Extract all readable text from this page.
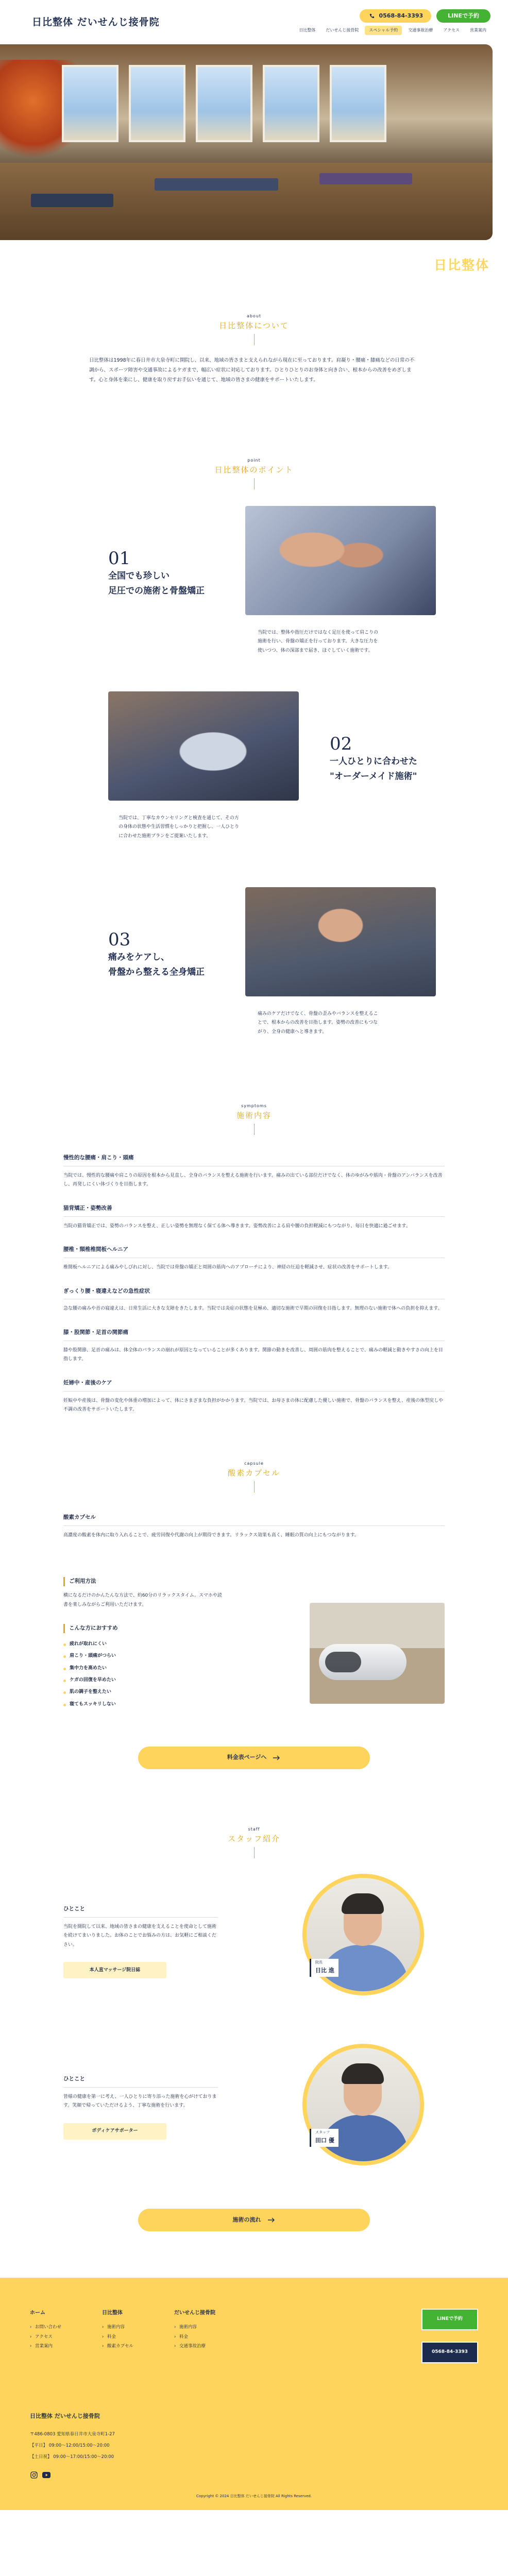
日比整体 だいせんじ接骨院
0568-84-3393	LINEで予約
日比整体	だいせんじ接骨院	スペシャル予約	交通事故治療	アクセス	営業案内
日比整体
about
日比整体について

日比整体は1998年に春日井市大泉寺町に開院し、以来、地域の皆さまと支えられながら現在に至っております。肩凝り・腰痛・膝痛などの日常の不調から、スポーツ障害や交通事故によるケガまで、幅広い症状に対応しております。ひとりひとりのお身体と向き合い、根本からの改善をめざします。心と身体を楽にし、健康を取り戻すお手伝いを通じて、地域の皆さまの健康をサポートいたします。

point
日比整体のポイント
01
全国でも珍しい
足圧での施術と骨盤矯正
当院では、整体や指圧だけではなく足圧を使って肩こりの施術を行い、骨盤の矯正を行っております。大きな圧力を使いつつ、体の深部まで届き、ほぐしていく施術です。
02
一人ひとりに合わせた
"オーダーメイド施術"
当院では、丁寧なカウンセリングと検査を通じて、その方の身体の状態や生活習慣をしっかりと把握し、一人ひとりに合わせた施術プランをご提案いたします。
03
痛みをケアし、
骨盤から整える全身矯正
痛みのケアだけでなく、骨盤の歪みやバランスを整えることで、根本からの改善を目指します。姿勢の改善にもつながり、全身の健康へと導きます。
symptoms
施術内容
慢性的な腰痛・肩こり・頭痛

当院では、慢性的な腰痛や肩こりの原因を根本から見直し、全身のバランスを整える施術を行います。痛みの出ている部位だけでなく、体のゆがみや筋肉・骨盤のアンバランスを改善し、再発しにくい体づくりを目指します。

猫背矯正・姿勢改善

当院の猫背矯正では、姿勢のバランスを整え、正しい姿勢を無理なく保てる体へ導きます。姿勢改善による肩や腰の負担軽減にもつながり、毎日を快適に過ごせます。

腰椎・頸椎椎間板ヘルニア

椎間板ヘルニアによる痛みやしびれに対し、当院では骨盤の矯正と周囲の筋肉へのアプローチにより、神経の圧迫を軽減させ、症状の改善をサポートします。

ぎっくり腰・寝違えなどの急性症状

急な腰の痛みや首の寝違えは、日常生活に大きな支障をきたします。当院では炎症の状態を見極め、適切な施術で早期の回復を目指します。無理のない施術で体への負担を抑えます。

膝・股関節・足首の関節痛

膝や股関節、足首の痛みは、体全体のバランスの崩れが原因となっていることが多くあります。関節の動きを改善し、周囲の筋肉を整えることで、痛みの軽減と動きやすさの向上を目指します。

妊婦中・産後のケア

妊娠中や産後は、骨盤の変化や体重の増加によって、体にさまざまな負担がかかります。当院では、お母さまの体に配慮した優しい施術で、骨盤のバランスを整え、産後の体型戻しや不調の改善をサポートいたします。

capsule
酸素カプセル
酸素カプセル

高濃度の酸素を体内に取り入れることで、疲労回復や代謝の向上が期待できます。リラックス効果も高く、睡眠の質の向上にもつながります。

ご利用方法

横になるだけのかんたんな方法で、約60分のリラックスタイム。スマホや読書を楽しみながらご利用いただけます。

こんな方におすすめ
疲れが取れにくい
肩こり・頭痛がつらい
集中力を高めたい
ケガの回復を早めたい
肌の調子を整えたい
寝てもスッキリしない
料金表ページへ
staff
スタッフ紹介
ひとこと

当院を開院して以来、地域の皆さまの健康を支えることを使命として施術を続けてまいりました。お体のことでお悩みの方は、お気軽にご相談ください。

本人直マッサージ院日誌
院長
日比 進
ひとこと

皆様の健康を第一に考え、一人ひとりに寄り添った施術を心がけております。笑顔で帰っていただけるよう、丁寧な施術を行います。

ボディケアサポーター	スタッフ
田口 優
施術の流れ
ホーム
› お問い合わせ
› アクセス
› 営業案内
日比整体
› 施術内容
› 料金
› 酸素カプセル
だいせんじ接骨院
› 施術内容
› 料金
› 交通事故治療
LINEで予約
0568-84-3393
日比整体 だいせんじ接骨院

〒486-0803 愛知県春日井市大泉寺町1-27

【平日】 09:00〜12:00/15:00〜20:00

【土日祝】 09:00〜17:00/15:00〜20:00

Copyright © 2024 日比整体 だいせんじ接骨院 All Rights Reserved.
